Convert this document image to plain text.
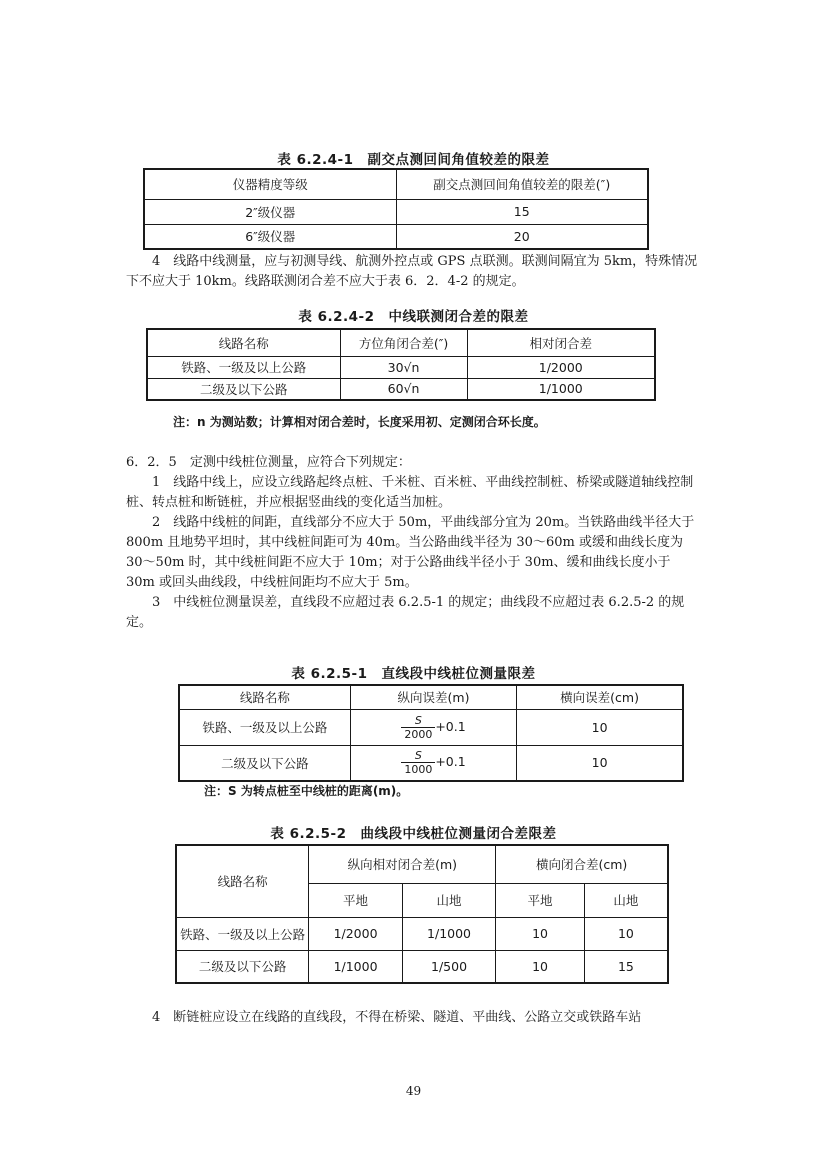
表 6.2.4-1　副交点测回间角值较差的限差
仪器精度等级	副交点测回间角值较差的限差(″)
2″级仪器	15
6″级仪器	20

4　线路中线测量，应与初测导线、航测外控点或 GPS 点联测。联测间隔宜为 5km，特殊情况下不应大于 10km。线路联测闭合差不应大于表 6．2．4-2 的规定。

表 6.2.4-2　中线联测闭合差的限差
线路名称	方位角闭合差(″)	相对闭合差
铁路、一级及以上公路	30√n	1/2000
二级及以下公路	60√n	1/1000
注：n 为测站数；计算相对闭合差时，长度采用初、定测闭合环长度。

6．2．5　定测中线桩位测量，应符合下列规定：

1　线路中线上，应设立线路起终点桩、千米桩、百米桩、平曲线控制桩、桥梁或隧道轴线控制桩、转点桩和断链桩，并应根据竖曲线的变化适当加桩。

2　线路中线桩的间距，直线部分不应大于 50m，平曲线部分宜为 20m。当铁路曲线半径大于 800m 且地势平坦时，其中线桩间距可为 40m。当公路曲线半径为 30～60m 或缓和曲线长度为 30～50m 时，其中线桩间距不应大于 10m；对于公路曲线半径小于 30m、缓和曲线长度小于 30m 或回头曲线段，中线桩间距均不应大于 5m。

3　中线桩位测量误差，直线段不应超过表 6.2.5-1 的规定；曲线段不应超过表 6.2.5-2 的规定。

表 6.2.5-1　直线段中线桩位测量限差
线路名称	纵向误差(m)	横向误差(cm)
铁路、一级及以上公路	$\frac{S}{2000} +0.1$	10
二级及以下公路	$\frac{S}{1000} +0.1$	10
注：S 为转点桩至中线桩的距离(m)。
表 6.2.5-2　曲线段中线桩位测量闭合差限差
线路名称	纵向相对闭合差(m)		横向闭合差(cm)	
	平地	山地	平地	山地
铁路、一级及以上公路	1/2000	1/1000	10	10
二级及以下公路	1/1000	1/500	10	15

4　断链桩应设立在线路的直线段，不得在桥梁、隧道、平曲线、公路立交或铁路车站

49
